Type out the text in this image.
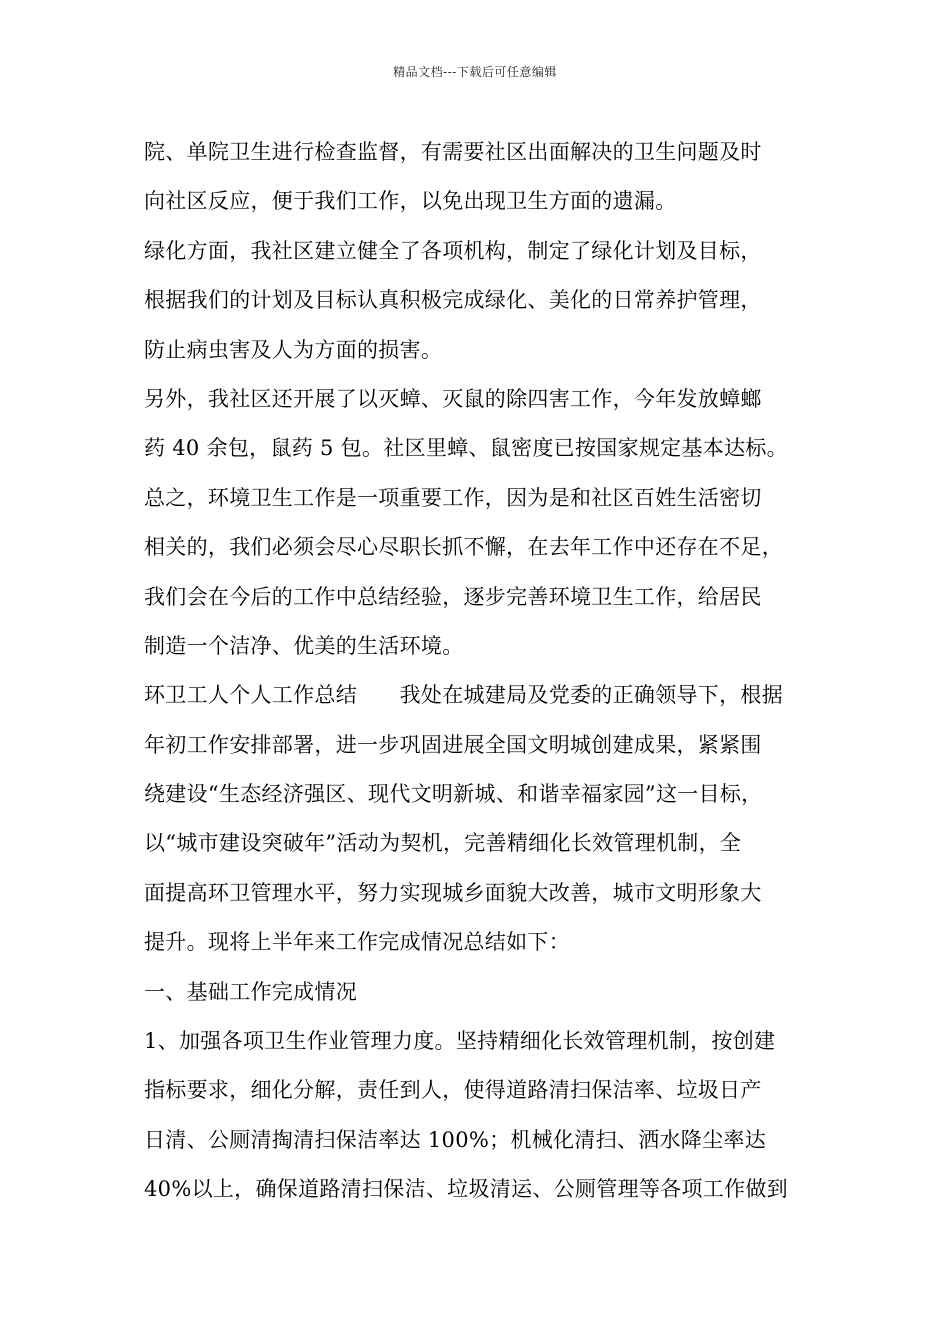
精品文档---下载后可任意编辑
院、单院卫生进行检查监督，有需要社区出面解决的卫生问题及时
向社区反应，便于我们工作，以免出现卫生方面的遗漏。
绿化方面，我社区建立健全了各项机构，制定了绿化计划及目标，
根据我们的计划及目标认真积极完成绿化、美化的日常养护管理，
防止病虫害及人为方面的损害。
另外，我社区还开展了以灭蟑、灭鼠的除四害工作，今年发放蟑螂
药 40 余包，鼠药 5 包。社区里蟑、鼠密度已按国家规定基本达标。
总之，环境卫生工作是一项重要工作，因为是和社区百姓生活密切
相关的，我们必须会尽心尽职长抓不懈，在去年工作中还存在不足，
我们会在今后的工作中总结经验，逐步完善环境卫生工作，给居民
制造一个洁净、优美的生活环境。
环卫工人个人工作总结　　我处在城建局及党委的正确领导下，根据
年初工作安排部署，进一步巩固进展全国文明城创建成果，紧紧围
绕建设“生态经济强区、现代文明新城、和谐幸福家园”这一目标，
以“城市建设突破年”活动为契机，完善精细化长效管理机制，全
面提高环卫管理水平，努力实现城乡面貌大改善，城市文明形象大
提升。现将上半年来工作完成情况总结如下：
一、基础工作完成情况
1、加强各项卫生作业管理力度。坚持精细化长效管理机制，按创建
指标要求，细化分解，责任到人，使得道路清扫保洁率、垃圾日产
日清、公厕清掏清扫保洁率达 100%；机械化清扫、洒水降尘率达
40%以上，确保道路清扫保洁、垃圾清运、公厕管理等各项工作做到
